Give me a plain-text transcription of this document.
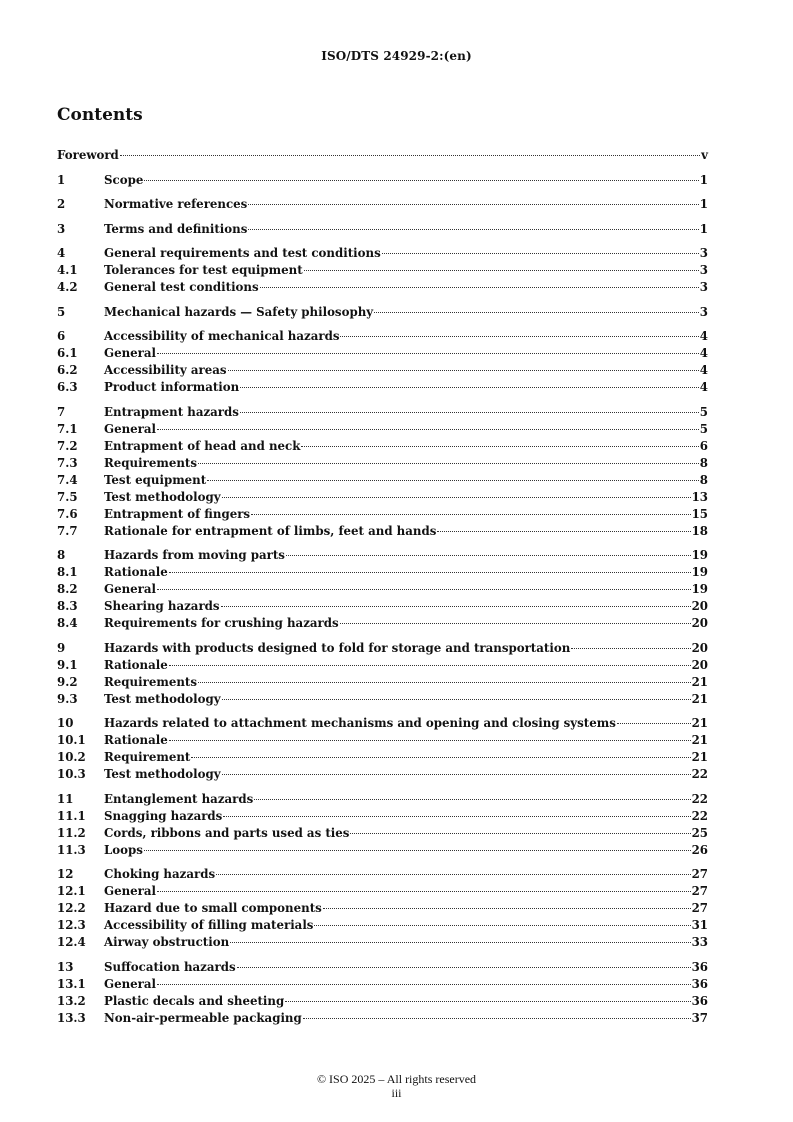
ISO/DTS 24929-2:(en)
Contents
Foreword	v
1	Scope	1
2	Normative references	1
3	Terms and definitions	1
4	General requirements and test conditions	3
4.1	Tolerances for test equipment	3
4.2	General test conditions	3
5	Mechanical hazards — Safety philosophy	3
6	Accessibility of mechanical hazards	4
6.1	General	4
6.2	Accessibility areas	4
6.3	Product information	4
7	Entrapment hazards	5
7.1	General	5
7.2	Entrapment of head and neck	6
7.3	Requirements	8
7.4	Test equipment	8
7.5	Test methodology	13
7.6	Entrapment of fingers	15
7.7	Rationale for entrapment of limbs, feet and hands	18
8	Hazards from moving parts	19
8.1	Rationale	19
8.2	General	19
8.3	Shearing hazards	20
8.4	Requirements for crushing hazards	20
9	Hazards with products designed to fold for storage and transportation	20
9.1	Rationale	20
9.2	Requirements	21
9.3	Test methodology	21
10	Hazards related to attachment mechanisms and opening and closing systems	21
10.1	Rationale	21
10.2	Requirement	21
10.3	Test methodology	22
11	Entanglement hazards	22
11.1	Snagging hazards	22
11.2	Cords, ribbons and parts used as ties	25
11.3	Loops	26
12	Choking hazards	27
12.1	General	27
12.2	Hazard due to small components	27
12.3	Accessibility of filling materials	31
12.4	Airway obstruction	33
13	Suffocation hazards	36
13.1	General	36
13.2	Plastic decals and sheeting	36
13.3	Non-air-permeable packaging	37
© ISO 2025 – All rights reserved
iii
